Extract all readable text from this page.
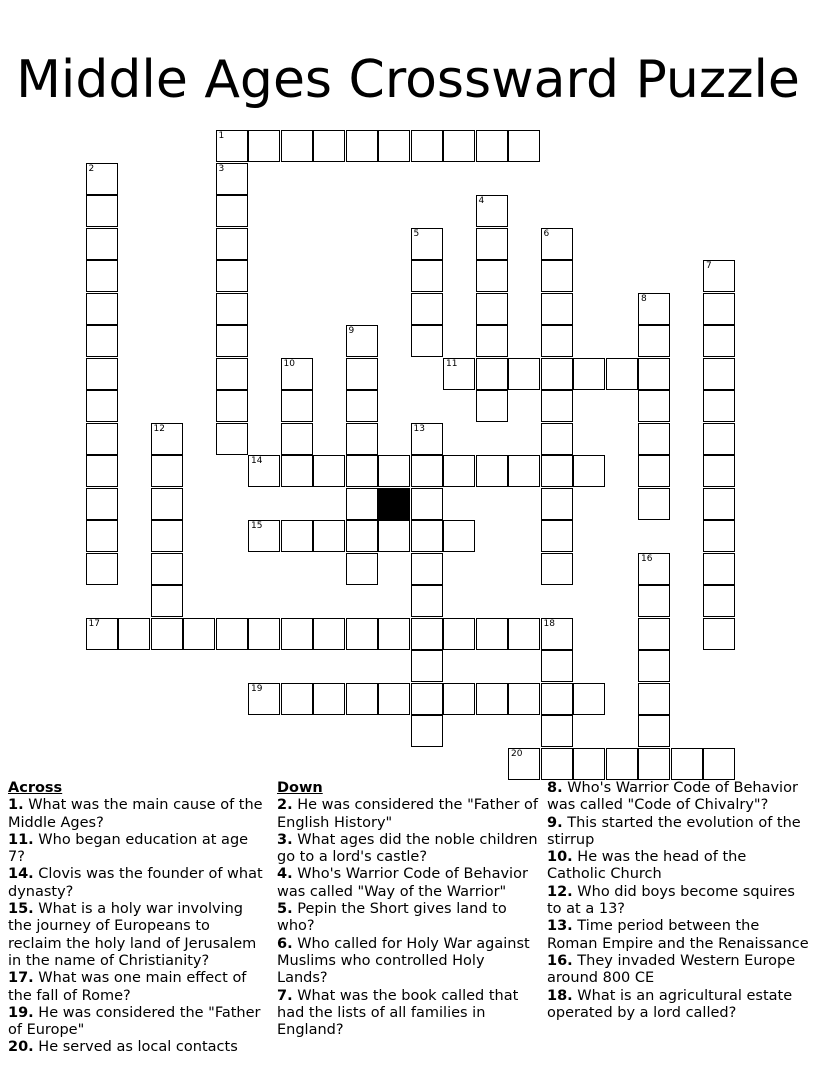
Middle Ages Crossward Puzzle
1
2	3
4
5	6
7
8
9
10	11
12	13
14
15
16
17	18
19
20
Across
1. What was the main cause of the Middle Ages?
11. Who began education at age 7?
14. Clovis was the founder of what dynasty?
15. What is a holy war involving the journey of Europeans to reclaim the holy land of Jerusalem in the name of Christianity?
17. What was one main effect of the fall of Rome?
19. He was considered the "Father of Europe"
20. He served as local contacts
Down
2. He was considered the "Father of English History"
3. What ages did the noble children go to a lord's castle?
4. Who's Warrior Code of Behavior was called "Way of the Warrior"
5. Pepin the Short gives land to who?
6. Who called for Holy War against Muslims who controlled Holy Lands?
7. What was the book called that had the lists of all families in England?
8. Who's Warrior Code of Behavior was called "Code of Chivalry"?
9. This started the evolution of the stirrup
10. He was the head of the Catholic Church
12. Who did boys become squires to at a 13?
13. Time period between the Roman Empire and the Renaissance
16. They invaded Western Europe around 800 CE
18. What is an agricultural estate operated by a lord called?
